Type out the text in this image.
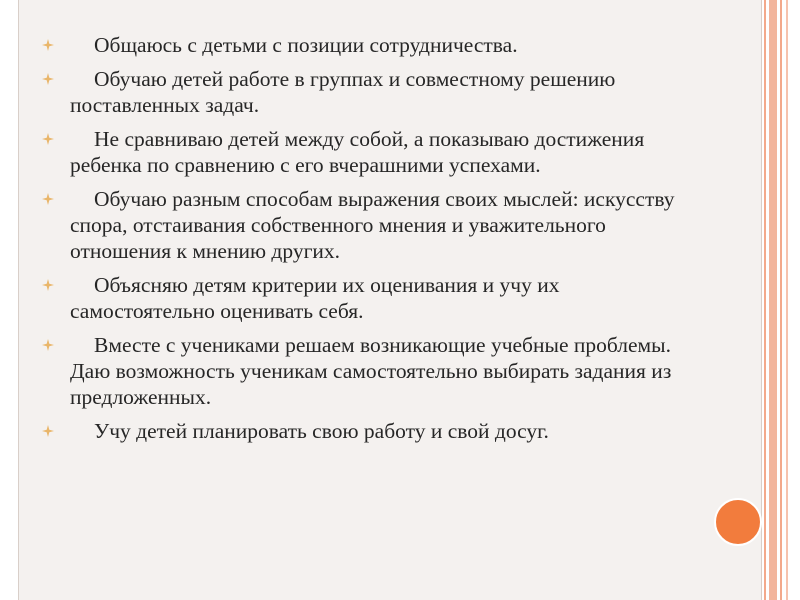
Общаюсь с детьми с позиции сотрудничества.
Обучаю детей работе в группах и совместному решению поставленных задач.
Не сравниваю детей между собой, а показываю достижения ребенка по сравнению с его вчерашними успехами.
Обучаю разным способам выражения своих мыслей: искусству спора, отстаивания собственного мнения и уважительного отношения к мнению других.
Объясняю детям критерии их оценивания и учу их самостоятельно оценивать себя.
Вместе с учениками решаем возникающие учебные проблемы. Даю возможность ученикам самостоятельно выбирать задания из предложенных.
Учу детей планировать свою работу и свой досуг.
